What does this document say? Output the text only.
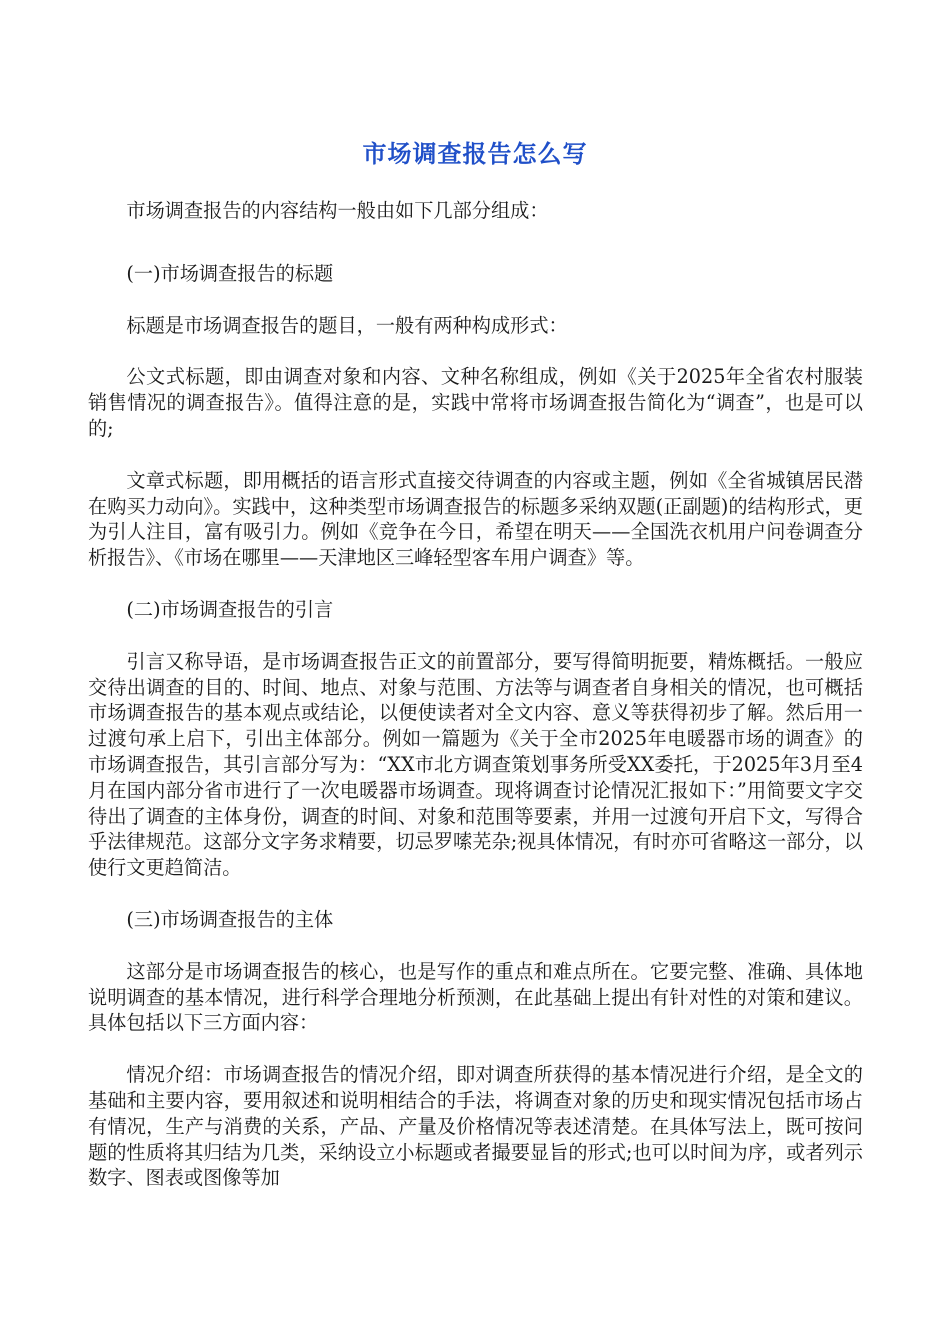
市场调查报告怎么写

市场调查报告的内容结构一般由如下几部分组成：

(一)市场调查报告的标题

标题是市场调查报告的题目，一般有两种构成形式：

公文式标题，即由调查对象和内容、文种名称组成，例如《关于2025年全省农村服装销售情况的调查报告》。值得注意的是，实践中常将市场调查报告简化为“调查”，也是可以的;

文章式标题，即用概括的语言形式直接交待调查的内容或主题，例如《全省城镇居民潜在购买力动向》。实践中，这种类型市场调查报告的标题多采纳双题(正副题)的结构形式，更为引人注目，富有吸引力。例如《竞争在今日，希望在明天——全国洗衣机用户问卷调查分析报告》、《市场在哪里——天津地区三峰轻型客车用户调查》等。

(二)市场调查报告的引言

引言又称导语，是市场调查报告正文的前置部分，要写得简明扼要，精炼概括。一般应交待出调查的目的、时间、地点、对象与范围、方法等与调查者自身相关的情况，也可概括市场调查报告的基本观点或结论，以便使读者对全文内容、意义等获得初步了解。然后用一过渡句承上启下，引出主体部分。例如一篇题为《关于全市2025年电暖器市场的调查》的市场调查报告，其引言部分写为：“XX市北方调查策划事务所受XX委托，于2025年3月至4月在国内部分省市进行了一次电暖器市场调查。现将调查讨论情况汇报如下：”用简要文字交待出了调查的主体身份，调查的时间、对象和范围等要素，并用一过渡句开启下文，写得合乎法律规范。这部分文字务求精要，切忌罗嗦芜杂;视具体情况，有时亦可省略这一部分，以使行文更趋简洁。

(三)市场调查报告的主体

这部分是市场调查报告的核心，也是写作的重点和难点所在。它要完整、准确、具体地说明调查的基本情况，进行科学合理地分析预测，在此基础上提出有针对性的对策和建议。具体包括以下三方面内容：

情况介绍：市场调查报告的情况介绍，即对调查所获得的基本情况进行介绍，是全文的基础和主要内容，要用叙述和说明相结合的手法，将调查对象的历史和现实情况包括市场占有情况，生产与消费的关系，产品、产量及价格情况等表述清楚。在具体写法上，既可按问题的性质将其归结为几类，采纳设立小标题或者撮要显旨的形式;也可以时间为序，或者列示数字、图表或图像等加
